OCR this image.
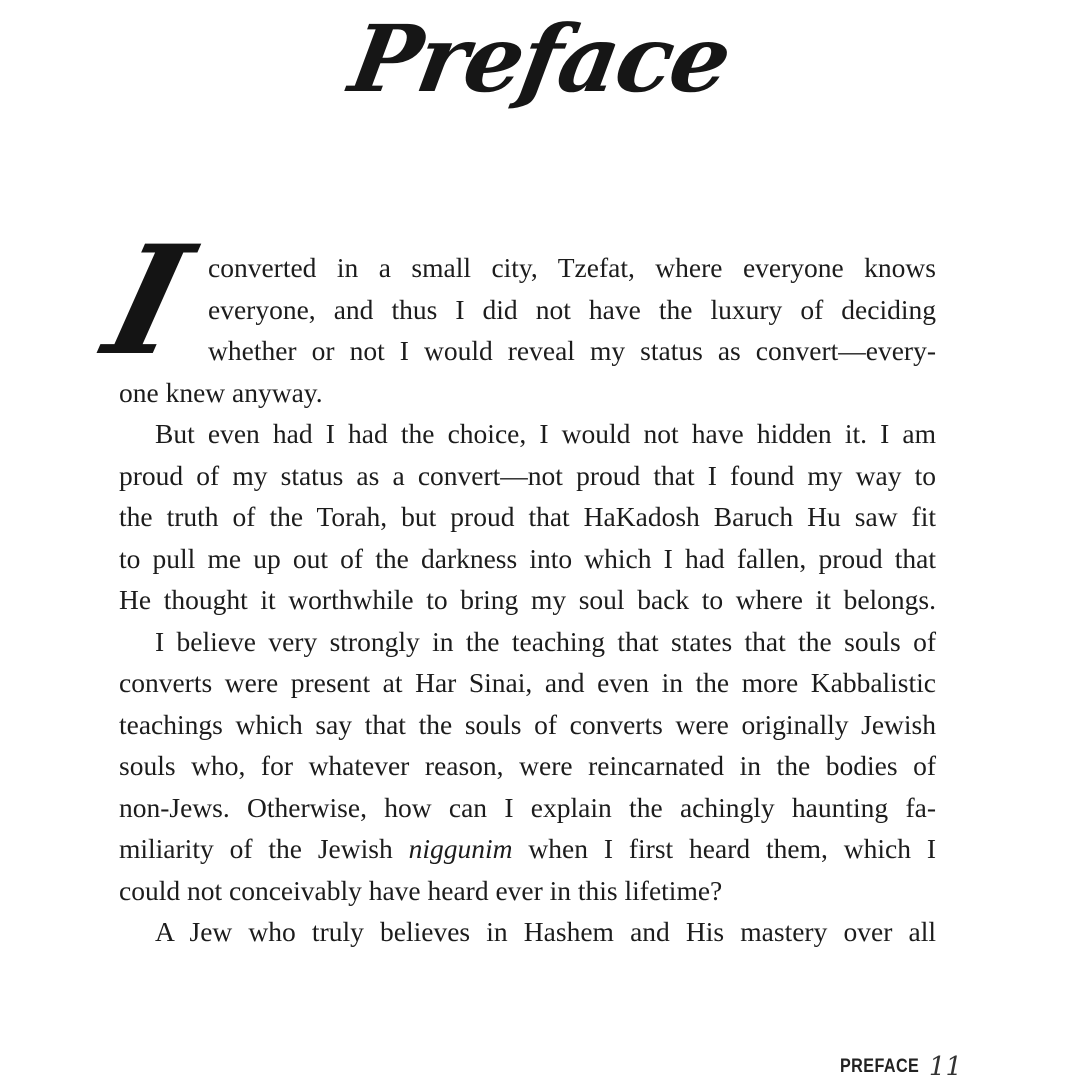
Preface
I converted in a small city, Tzefat, where everyone knows
everyone, and thus I did not have the luxury of deciding
whether or not I would reveal my status as convert—every-
one knew anyway.
But even had I had the choice, I would not have hidden it. I am
proud of my status as a convert—not proud that I found my way to
the truth of the Torah, but proud that HaKadosh Baruch Hu saw fit
to pull me up out of the darkness into which I had fallen, proud that
He thought it worthwhile to bring my soul back to where it belongs.
I believe very strongly in the teaching that states that the souls of
converts were present at Har Sinai, and even in the more Kabbalistic
teachings which say that the souls of converts were originally Jewish
souls who, for whatever reason, were reincarnated in the bodies of
non-Jews. Otherwise, how can I explain the achingly haunting fa-
miliarity of the Jewish niggunim when I first heard them, which I
could not conceivably have heard ever in this lifetime?
A Jew who truly believes in Hashem and His mastery over all
PREFACE 11
